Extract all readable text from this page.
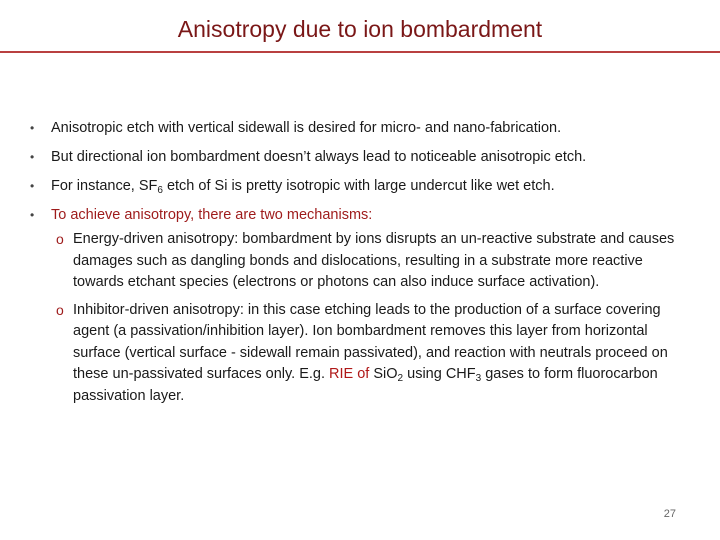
Anisotropy due to ion bombardment
• Anisotropic etch with vertical sidewall is desired for micro- and nano-fabrication.
• But directional ion bombardment doesn’t always lead to noticeable anisotropic etch.
• For instance, $SF_6$ etch of Si is pretty isotropic with large undercut like wet etch.
• To achieve anisotropy, there are two mechanisms:
o Energy-driven anisotropy: bombardment by ions disrupts an un-reactive substrate and causes damages such as dangling bonds and dislocations, resulting in a substrate more reactive towards etchant species (electrons or photons can also induce surface activation).
o Inhibitor-driven anisotropy: in this case etching leads to the production of a surface covering agent (a passivation/inhibition layer). Ion bombardment removes this layer from horizontal surface (vertical surface - sidewall remain passivated), and reaction with neutrals proceed on these un-passivated surfaces only. E.g. RIE of SiO$_2$ using $CHF_3$ gases to form fluorocarbon passivation layer.
27
